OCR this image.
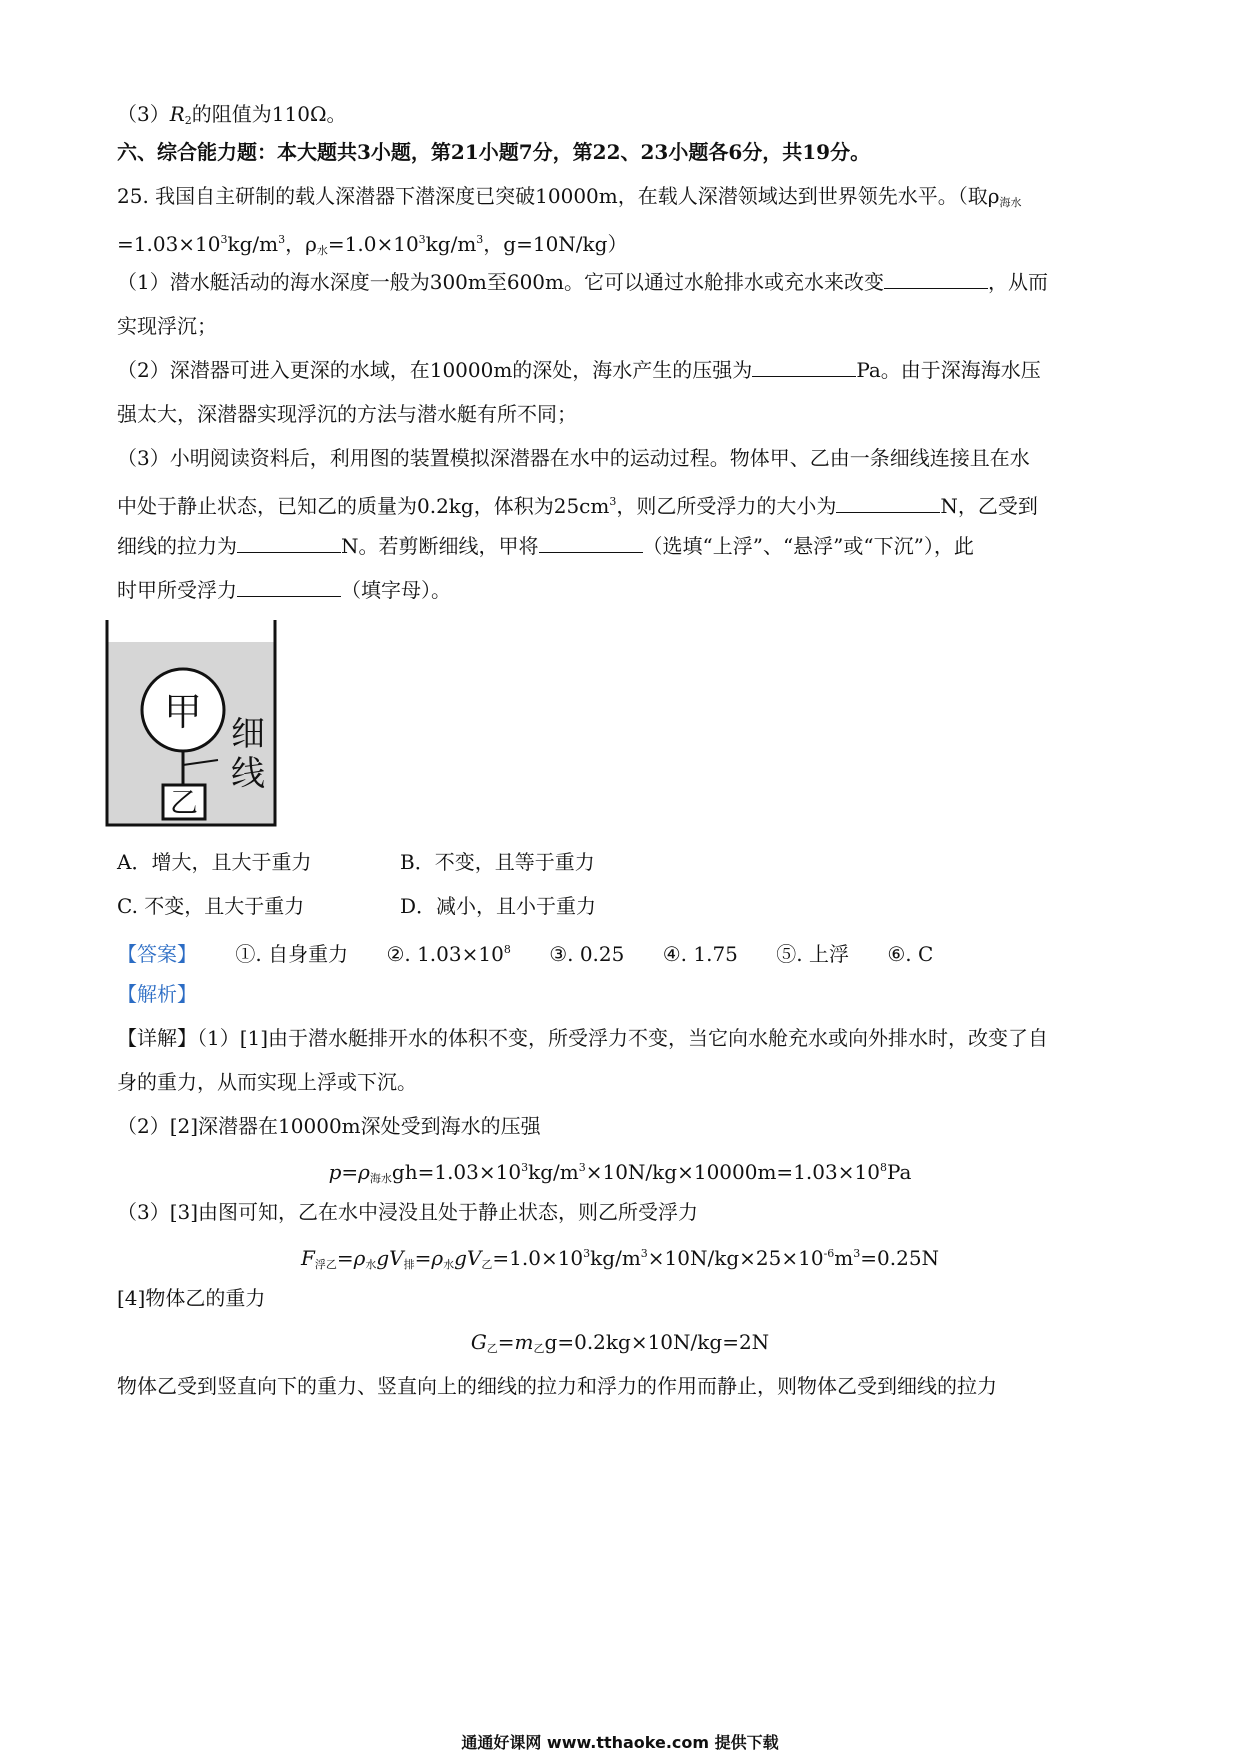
$(3)R_2$的阻值为110Ω。
六、综合能力题：本大题共3小题，第21小题7分，第22、23小题各6分，共19分。
25. 我国自主研制的载人深潜器下潜深度已突破10000m，在载人深潜领域达到世界领先水平。（取$\rho_{海水}$
$=1.03\times 10^3kg/m^3$，$\rho_水=1.0\times 10^3kg/m^3$，g=10N/kg）
（1）潜水艇活动的海水深度一般为300m至600m。它可以通过水舱排水或充水来改变	，从而
实现浮沉；
（2）深潜器可进入更深的水域，在10000m的深处，海水产生的压强为	Pa。由于深海海水压
强太大，深潜器实现浮沉的方法与潜水艇有所不同；
（3）小明阅读资料后，利用图的装置模拟深潜器在水中的运动过程。物体甲、乙由一条细线连接且在水
中处于静止状态，已知乙的质量为0.2kg，体积为$25cm^3$，则乙所受浮力的大小为	N，乙受到
细线的拉力为	N。若剪断细线，甲将	（选填“上浮”、“悬浮”或“下沉”），此
时甲所受浮力	（填字母）。
甲
乙
细
线
A．增大，且大于重力	B．不变，且等于重力
C. 不变，且大于重力	D．减小，且小于重力
【答案】 ①. 自身重力 ②. $1.03\times 10^8$ ③. 0.25 ④. 1.75 ⑤. 上浮 ⑥. C
【解析】
【详解】（1）[1]由于潜水艇排开水的体积不变，所受浮力不变，当它向水舱充水或向外排水时，改变了自
身的重力，从而实现上浮或下沉。
（2）[2]深潜器在10000m深处受到海水的压强
$p=\rho_{海水}gh=1.03\times 10^3kg/m^3\times 10N/kg\times 10000m=1.03\times 10^8Pa$
（3）[3]由图可知，乙在水中浸没且处于静止状态，则乙所受浮力
$F_{浮乙}=\rho_水gV_排=\rho_水gV_乙=1.0\times 10^3kg/m^3\times 10N/kg\times 25\times 10^{-6}m^3=0.25N$
[4]物体乙的重力
$G_乙=m_乙g=0.2kg\times 10N/kg=2N$
物体乙受到竖直向下的重力、竖直向上的细线的拉力和浮力的作用而静止，则物体乙受到细线的拉力
通通好课网 www.tthaoke.com 提供下载
